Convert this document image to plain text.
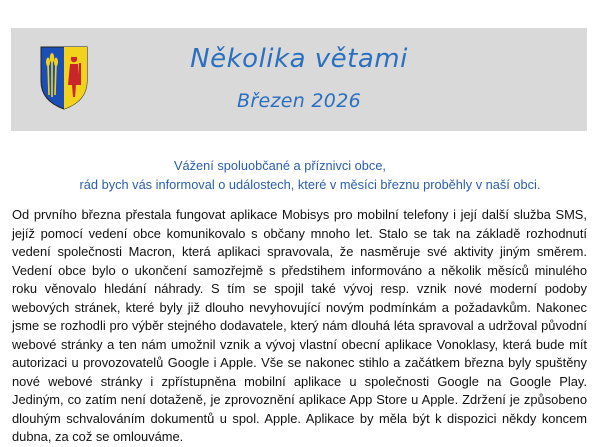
Několika větami
Březen 2026
Vážení spoluobčané a příznivci obce,
rád bych vás informoval o událostech, které v měsíci březnu proběhly v naší obci.
Od prvního března přestala fungovat aplikace Mobisys pro mobilní telefony i její další služba SMS, jejíž pomocí vedení obce komunikovalo s občany mnoho let. Stalo se tak na základě rozhodnutí vedení společnosti Macron, která aplikaci spravovala, že nasměruje své aktivity jiným směrem. Vedení obce bylo o ukončení samozřejmě s předstihem informováno a několik měsíců minulého roku věnovalo hledání náhrady. S tím se spojil také vývoj resp. vznik nové moderní podoby webových stránek, které byly již dlouho nevyhovující novým podmínkám a požadavkům. Nakonec jsme se rozhodli pro výběr stejného dodavatele, který nám dlouhá léta spravoval a udržoval původní webové stránky a ten nám umožnil vznik a vývoj vlastní obecní aplikace Vonoklasy, která bude mít autorizaci u provozovatelů Google i Apple. Vše se nakonec stihlo a začátkem března byly spuštěny nové webové stránky i zpřístupněna mobilní aplikace u společnosti Google na Google Play. Jediným, co zatím není dotaženě, je zprovoznění aplikace App Store u Apple. Zdržení je způsobeno dlouhým schvalováním dokumentů u spol. Apple. Aplikace by měla být k dispozici někdy koncem dubna, za což se omlouváme.
